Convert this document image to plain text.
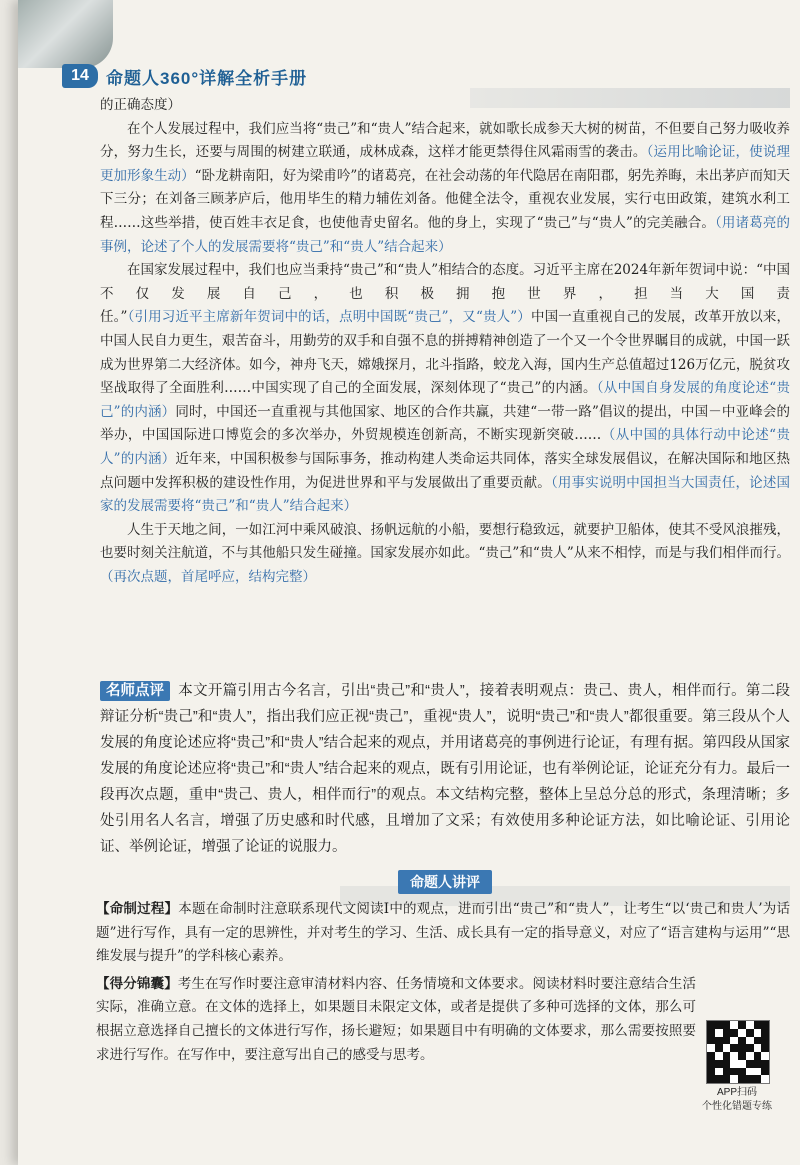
14	命题人360°详解全析手册

的正确态度）

在个人发展过程中，我们应当将“贵己”和“贵人”结合起来，就如歌长成参天大树的树苗，不但要自己努力吸收养分，努力生长，还要与周围的树建立联通，成林成森，这样才能更禁得住风霜雨雪的袭击。（运用比喻论证，使说理更加形象生动）“卧龙耕南阳，好为梁甫吟”的诸葛亮，在社会动荡的年代隐居在南阳郡，躬先养晦，未出茅庐而知天下三分；在刘备三顾茅庐后，他用毕生的精力辅佐刘备。他健全法令，重视农业发展，实行屯田政策，建筑水利工程……这些举措，使百姓丰衣足食，也使他青史留名。他的身上，实现了“贵己”与“贵人”的完美融合。（用诸葛亮的事例，论述了个人的发展需要将“贵己”和“贵人”结合起来）

在国家发展过程中，我们也应当秉持“贵己”和“贵人”相结合的态度。习近平主席在2024年新年贺词中说：“中国不仅发展自己，也积极拥抱世界，担当大国责任。”（引用习近平主席新年贺词中的话，点明中国既“贵己”，又“贵人”）中国一直重视自己的发展，改革开放以来，中国人民自力更生，艰苦奋斗，用勤劳的双手和自强不息的拼搏精神创造了一个又一个令世界瞩目的成就，中国一跃成为世界第二大经济体。如今，神舟飞天，嫦娥探月，北斗指路，蛟龙入海，国内生产总值超过126万亿元，脱贫攻坚战取得了全面胜利……中国实现了自己的全面发展，深刻体现了“贵己”的内涵。（从中国自身发展的角度论述“贵己”的内涵）同时，中国还一直重视与其他国家、地区的合作共赢，共建“一带一路”倡议的提出，中国－中亚峰会的举办，中国国际进口博览会的多次举办，外贸规模连创新高，不断实现新突破……（从中国的具体行动中论述“贵人”的内涵）近年来，中国积极参与国际事务，推动构建人类命运共同体，落实全球发展倡议，在解决国际和地区热点问题中发挥积极的建设性作用，为促进世界和平与发展做出了重要贡献。（用事实说明中国担当大国责任，论述国家的发展需要将“贵己”和“贵人”结合起来）

人生于天地之间，一如江河中乘风破浪、扬帆远航的小船，要想行稳致远，就要护卫船体，使其不受风浪摧残，也要时刻关注航道，不与其他船只发生碰撞。国家发展亦如此。“贵己”和“贵人”从来不相悖，而是与我们相伴而行。（再次点题，首尾呼应，结构完整）

名师点评 本文开篇引用古今名言，引出“贵己”和“贵人”，接着表明观点：贵己、贵人，相伴而行。第二段辩证分析“贵己”和“贵人”，指出我们应正视“贵己”，重视“贵人”，说明“贵己”和“贵人”都很重要。第三段从个人发展的角度论述应将“贵己”和“贵人”结合起来的观点，并用诸葛亮的事例进行论证，有理有据。第四段从国家发展的角度论述应将“贵己”和“贵人”结合起来的观点，既有引用论证，也有举例论证，论证充分有力。最后一段再次点题，重申“贵己、贵人，相伴而行”的观点。本文结构完整，整体上呈总分总的形式，条理清晰；多处引用名人名言，增强了历史感和时代感，且增加了文采；有效使用多种论证方法，如比喻论证、引用论证、举例论证，增强了论证的说服力。
命题人讲评

【命制过程】本题在命制时注意联系现代文阅读Ⅰ中的观点，进而引出“贵己”和“贵人”，让考生“以‘贵己和贵人’为话题”进行写作，具有一定的思辨性，并对考生的学习、生活、成长具有一定的指导意义，对应了“语言建构与运用”“思维发展与提升”的学科核心素养。

【得分锦囊】考生在写作时要注意审清材料内容、任务情境和文体要求。阅读材料时要注意结合生活实际，准确立意。在文体的选择上，如果题目未限定文体，或者是提供了多种可选择的文体，那么可根据立意选择自己擅长的文体进行写作，扬长避短；如果题目中有明确的文体要求，那么需要按照要求进行写作。在写作中，要注意写出自己的感受与思考。

APP扫码
个性化错题专练
